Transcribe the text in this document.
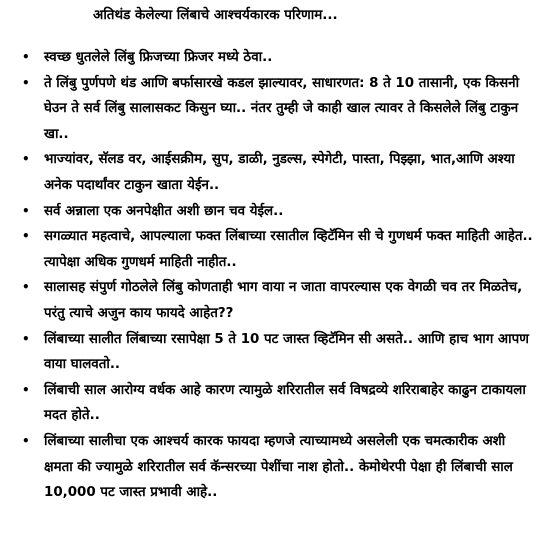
अतिथंड केलेल्या लिंबाचे आश्चर्यकारक परिणाम...
• स्वच्छ धुतलेले लिंबु फ्रिजच्या फ्रिजर मध्ये ठेवा..
• ते लिंबु पुर्णपणे थंड आणि बर्फासारखे कडल झाल्यावर, साधारणत: 8 ते 10 तासानी, एक किसनी घेउन ते सर्व लिंबु सालासकट किसुन घ्या.. नंतर तुम्ही जे काही खाल त्यावर ते किसलेले लिंबु टाकुन खा..
• भाज्यांवर, सॅलड वर, आईसक्रीम, सुप, डाळी, नुडल्स, स्पेगेटी, पास्ता, पिझ्झा, भात,आणि अश्या अनेक पदार्थांवर टाकुन खाता येईन..
• सर्व अन्नाला एक अनपेक्षीत अशी छान चव येईल..
• सगळ्यात महत्वाचे, आपल्याला फक्त लिंबाच्या रसातील व्हिटॅमिन सी चे गुणधर्म फक्त माहिती आहेत.. त्यापेक्षा अधिक गुणधर्म माहिती नाहीत..
• सालासह संपुर्ण गोठलेले लिंबु कोणताही भाग वाया न जाता वापरल्यास एक वेगळी चव तर मिळतेच, परंतु त्याचे अजुन काय फायदे आहेत??
• लिंबाच्या सालीत लिंबाच्या रसापेक्षा 5 ते 10 पट जास्त व्हिटॅमिन सी असते.. आणि हाच भाग आपण वाया घालवतो..
• लिंबाची साल आरोग्य वर्धक आहे कारण त्यामुळे शरिरातील सर्व विषद्रव्ये शरिराबाहेर काढुन टाकायला मदत होते..
• लिंबाच्या सालीचा एक आश्चर्य कारक फायदा म्हणजे त्याच्यामध्ये असलेली एक चमत्कारीक अशी क्षमता की ज्यामुळे शरिरातील सर्व कॅन्सरच्या पेशींचा नाश होतो.. केमोथेरपी पेक्षा ही लिंबाची साल 10,000 पट जास्त प्रभावी आहे..
